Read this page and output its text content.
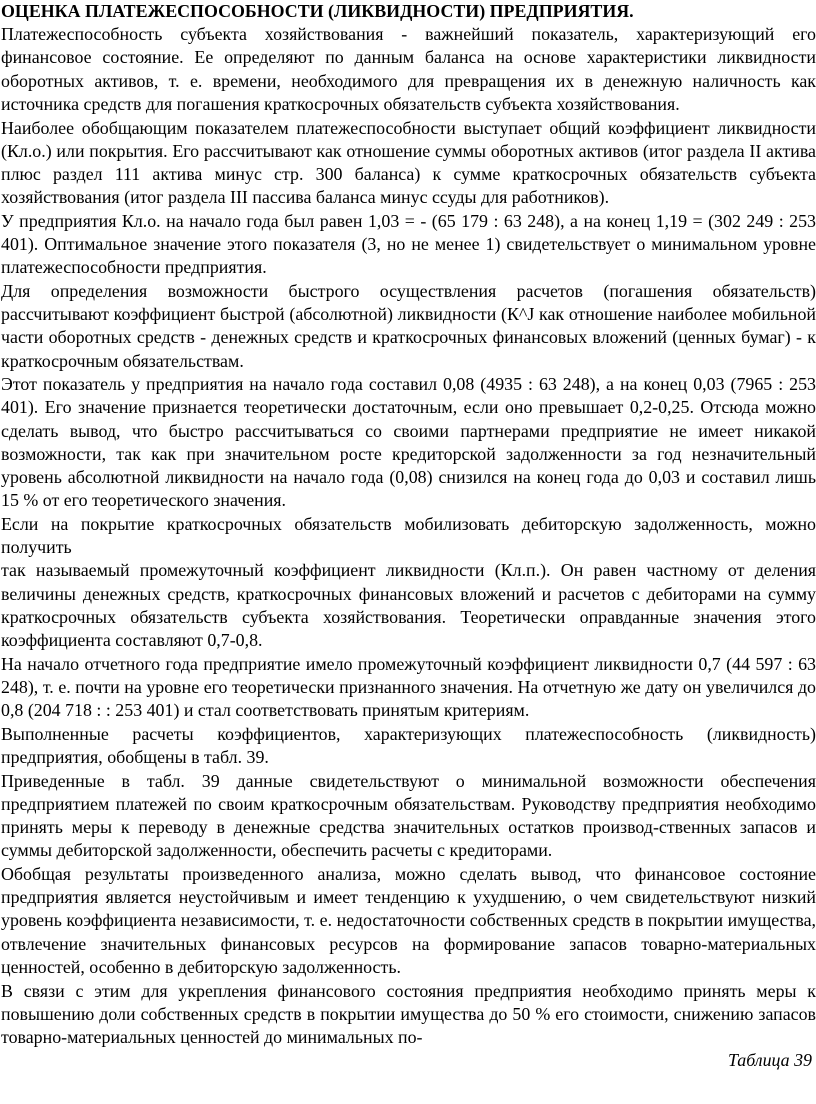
ОЦЕНКА ПЛАТЕЖЕСПОСОБНОСТИ (ЛИКВИДНОСТИ) ПРЕДПРИЯТИЯ.

Платежеспособность субъекта хозяйствования - важнейший показатель, характеризующий его финансовое состояние. Ее определяют по данным баланса на основе характеристики ликвидности оборотных активов, т. е. времени, необходимого для превращения их в денежную наличность как источника средств для погашения краткосрочных обязательств субъекта хозяйствования.

Наиболее обобщающим показателем платежеспособности выступает общий коэффициент ликвидности (Кл.о.) или покрытия. Его рассчитывают как отношение суммы оборотных активов (итог раздела II актива плюс раздел 111 актива минус стр. 300 баланса) к сумме краткосрочных обязательств субъекта хозяйствования (итог раздела III пассива баланса минус ссуды для работников).

У предприятия Кл.о. на начало года был равен 1,03 = - (65 179 : 63 248), а на конец 1,19 = (302 249 : 253 401). Оптимальное значение этого показателя (3, но не менее 1) свидетельствует о минимальном уровне платежеспособности предприятия.

Для определения возможности быстрого осуществления расчетов (погашения обязательств) рассчитывают коэффициент быстрой (абсолютной) ликвидности (К^J как отношение наиболее мобильной части оборотных средств - денежных средств и краткосрочных финансовых вложений (ценных бумаг) - к краткосрочным обязательствам.

Этот показатель у предприятия на начало года составил 0,08 (4935 : 63 248), а на конец 0,03 (7965 : 253 401). Его значение признается теоретически достаточным, если оно превышает 0,2-0,25. Отсюда можно сделать вывод, что быстро рассчитываться со своими партнерами предприятие не имеет никакой возможности, так как при значительном росте кредиторской задолженности за год незначительный уровень абсолютной ликвидности на начало года (0,08) снизился на конец года до 0,03 и составил лишь 15 % от его теоретического значения.

Если на покрытие краткосрочных обязательств мобилизовать дебиторскую задолженность, можно получить

так называемый промежуточный коэффициент ликвидности (Кл.п.). Он равен частному от деления величины денежных средств, краткосрочных финансовых вложений и расчетов с дебиторами на сумму краткосрочных обязательств субъекта хозяйствования. Теоретически оправданные значения этого коэффициента составляют 0,7-0,8.

На начало отчетного года предприятие имело промежуточный коэффициент ликвидности 0,7 (44 597 : 63 248), т. е. почти на уровне его теоретически признанного значения. На отчетную же дату он увеличился до 0,8 (204 718 : : 253 401) и стал соответствовать принятым критериям.

Выполненные расчеты коэффициентов, характеризующих платежеспособность (ликвидность) предприятия, обобщены в табл. 39.

Приведенные в табл. 39 данные свидетельствуют о минимальной возможности обеспечения предприятием платежей по своим краткосрочным обязательствам. Руководству предприятия необходимо принять меры к переводу в денежные средства значительных остатков производ-ственных запасов и суммы дебиторской задолженности, обеспечить расчеты с кредиторами.

Обобщая результаты произведенного анализа, можно сделать вывод, что финансовое состояние предприятия является неустойчивым и имеет тенденцию к ухудшению, о чем свидетельствуют низкий уровень коэффициента независимости, т. е. недостаточности собственных средств в покрытии имущества, отвлечение значительных финансовых ресурсов на формирование запасов товарно-материальных ценностей, особенно в дебиторскую задолженность.

В связи с этим для укрепления финансового состояния предприятия необходимо принять меры к повышению доли собственных средств в покрытии имущества до 50 % его стоимости, снижению запасов товарно-материальных ценностей до минимальных по-

Таблица 39
